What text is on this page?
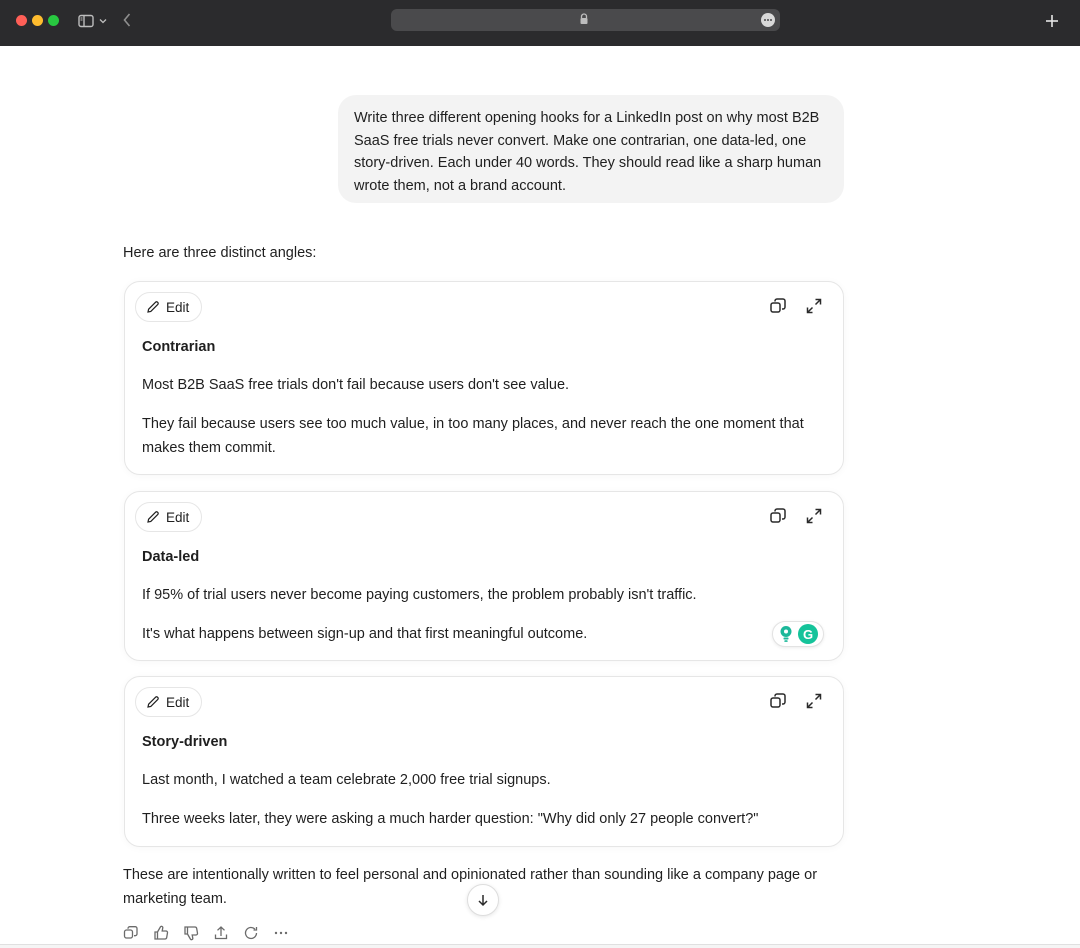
Write three different opening hooks for a LinkedIn post on why most B2B SaaS free trials never convert. Make one contrarian, one data-led, one story-driven. Each under 40 words. They should read like a sharp human wrote them, not a brand account.
Here are three distinct angles:
Edit
Contrarian
Most B2B SaaS free trials don't fail because users don't see value.
They fail because users see too much value, in too many places, and never reach the one moment that makes them commit.
Edit
Data-led
If 95% of trial users never become paying customers, the problem probably isn't traffic.
It's what happens between sign-up and that first meaningful outcome.	G
Edit
Story-driven
Last month, I watched a team celebrate 2,000 free trial signups.
Three weeks later, they were asking a much harder question: "Why did only 27 people convert?"
These are intentionally written to feel personal and opinionated rather than sounding like a company page or marketing team.
